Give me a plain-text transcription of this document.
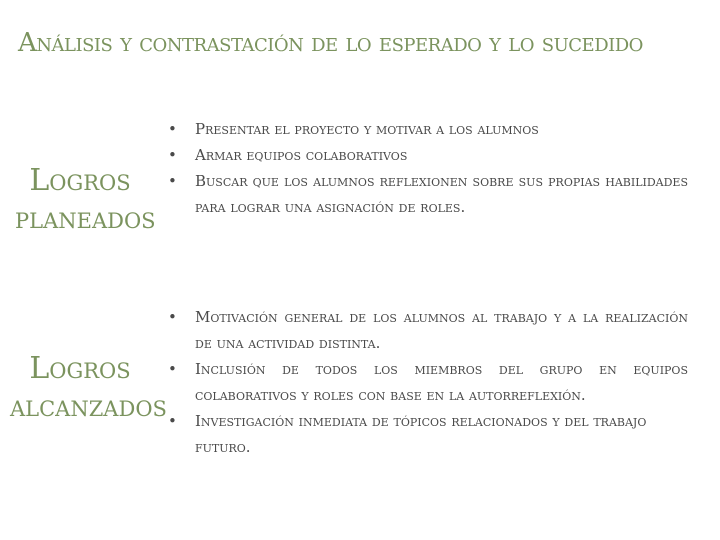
Análisis y contrastación de lo esperado y lo sucedido
Logros
planeados
•	Presentar el proyecto y motivar a los alumnos
•	Armar equipos colaborativos
•	Buscar que los alumnos reflexionen sobre sus propias habilidades para lograr una asignación de roles.
Logros
alcanzados
•	Motivación general de los alumnos al trabajo y a la realización de una actividad distinta.
•	Inclusión de todos los miembros del grupo en equipos colaborativos y roles con base en la autorreflexión.
•	Investigación inmediata de tópicos relacionados y del trabajo futuro.
